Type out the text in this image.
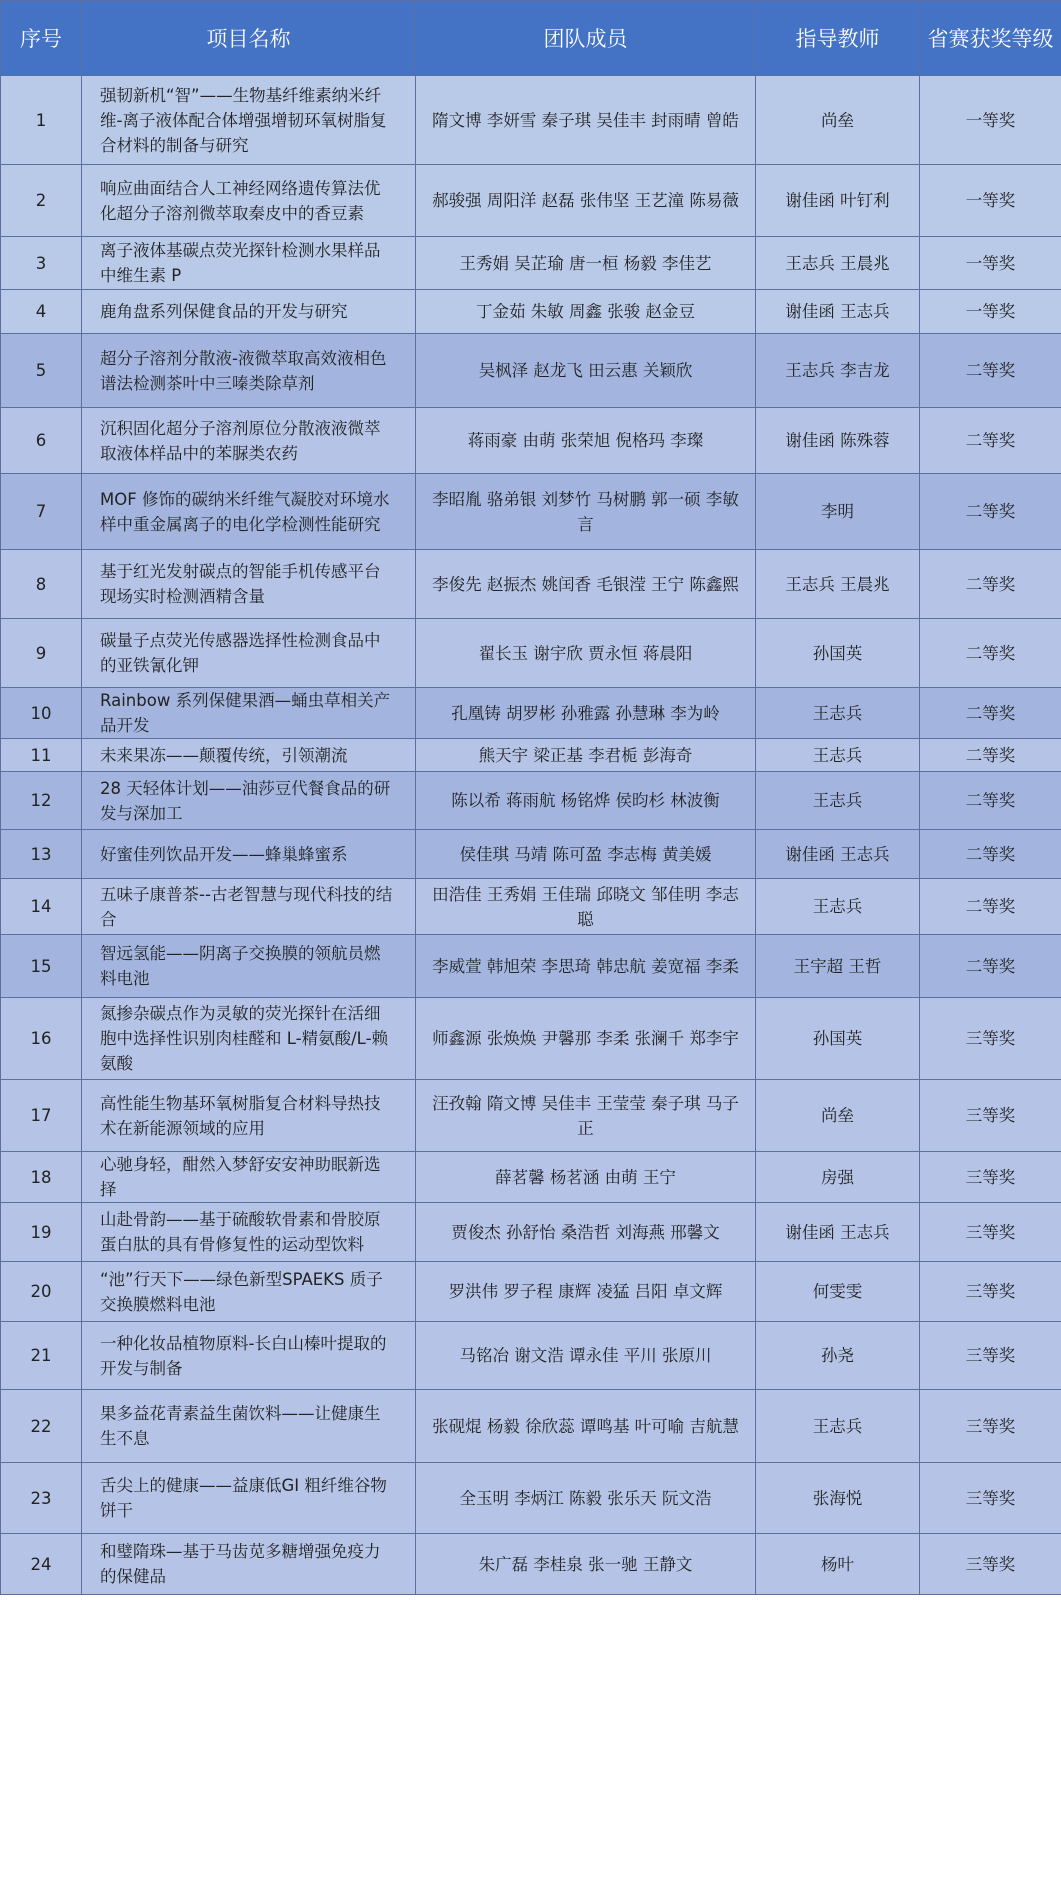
序号	项目名称	团队成员	指导教师	省赛获奖等级
1	强韧新机“智”——生物基纤维素纳米纤维-离子液体配合体增强增韧环氧树脂复合材料的制备与研究	隋文博 李妍雪 秦子琪 吴佳丰 封雨晴 曾皓	尚垒	一等奖
2	响应曲面结合人工神经网络遗传算法优化超分子溶剂微萃取秦皮中的香豆素	郝骏强 周阳洋 赵磊 张伟坚 王艺潼 陈易薇	谢佳函 叶钉利	一等奖
3	离子液体基碳点荧光探针检测水果样品中维生素 P	王秀娟 吴芷瑜 唐一桓 杨毅 李佳艺	王志兵 王晨兆	一等奖
4	鹿角盘系列保健食品的开发与研究	丁金茹 朱敏 周鑫 张骏 赵金豆	谢佳函 王志兵	一等奖
5	超分子溶剂分散液-液微萃取高效液相色谱法检测茶叶中三嗪类除草剂	吴枫泽 赵龙飞 田云惠 关颖欣	王志兵 李吉龙	二等奖
6	沉积固化超分子溶剂原位分散液液微萃取液体样品中的苯脲类农药	蒋雨豪 由萌 张荣旭 倪格玛 李璨	谢佳函 陈殊蓉	二等奖
7	MOF 修饰的碳纳米纤维气凝胶对环境水样中重金属离子的电化学检测性能研究	李昭胤 骆弟银 刘梦竹 马树鹏 郭一硕 李敏言	李明	二等奖
8	基于红光发射碳点的智能手机传感平台现场实时检测酒精含量	李俊先 赵振杰 姚闰香 毛银滢 王宁 陈鑫熙	王志兵 王晨兆	二等奖
9	碳量子点荧光传感器选择性检测食品中的亚铁氰化钾	翟长玉 谢宇欣 贾永恒 蒋晨阳	孙国英	二等奖
10	Rainbow 系列保健果酒—蛹虫草相关产品开发	孔凰铸 胡罗彬 孙雅露 孙慧琳 李为岭	王志兵	二等奖
11	未来果冻——颠覆传统，引领潮流	熊天宇 梁正基 李君栀 彭海奇	王志兵	二等奖
12	28 天轻体计划——油莎豆代餐食品的研发与深加工	陈以希 蒋雨航 杨铭烨 侯昀杉 林波衡	王志兵	二等奖
13	好蜜佳列饮品开发——蜂巢蜂蜜系	侯佳琪 马靖 陈可盈 李志梅 黄美媛	谢佳函 王志兵	二等奖
14	五味子康普茶--古老智慧与现代科技的结合	田浩佳 王秀娟 王佳瑞 邱晓文 邹佳明 李志聪	王志兵	二等奖
15	智远氢能——阴离子交换膜的领航员燃料电池	李威萱 韩旭荣 李思琦 韩忠航 姜宽福 李柔	王宇超 王哲	二等奖
16	氮掺杂碳点作为灵敏的荧光探针在活细胞中选择性识别肉桂醛和 L-精氨酸/L-赖氨酸	师鑫源 张焕焕 尹馨那 李柔 张澜千 郑李宇	孙国英	三等奖
17	高性能生物基环氧树脂复合材料导热技术在新能源领域的应用	汪孜翰 隋文博 吴佳丰 王莹莹 秦子琪 马子正	尚垒	三等奖
18	心驰身轻，酣然入梦舒安安神助眠新选择	薛茗馨 杨茗涵 由萌 王宁	房强	三等奖
19	山赴骨韵——基于硫酸软骨素和骨胶原蛋白肽的具有骨修复性的运动型饮料	贾俊杰 孙舒怡 桑浩哲 刘海燕 邢馨文	谢佳函 王志兵	三等奖
20	“池”行天下——绿色新型SPAEKS 质子交换膜燃料电池	罗洪伟 罗子程 康辉 凌猛 吕阳 卓文辉	何雯雯	三等奖
21	一种化妆品植物原料-长白山榛叶提取的开发与制备	马铭冶 谢文浩 谭永佳 平川 张原川	孙尧	三等奖
22	果多益花青素益生菌饮料——让健康生生不息	张砚焜 杨毅 徐欣蕊 谭鸣基 叶可喻 吉航慧	王志兵	三等奖
23	舌尖上的健康——益康低GI 粗纤维谷物饼干	全玉明 李炳江 陈毅 张乐天 阮文浩	张海悦	三等奖
24	和璧隋珠—基于马齿苋多糖增强免疫力的保健品	朱广磊 李桂泉 张一驰 王静文	杨叶	三等奖
